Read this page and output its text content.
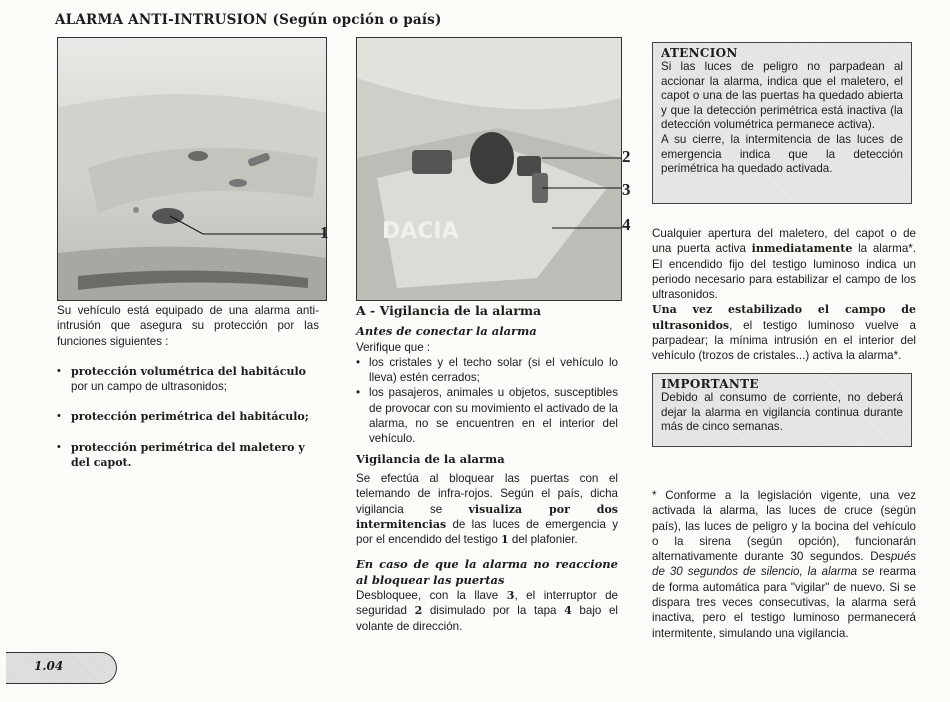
ALARMA ANTI-INTRUSION (Según opción o país)
1 DACIA
2
3
4
Su vehículo está equipado de una alarma anti-intrusión que asegura su protección por las funciones siguientes :
• protección volumétrica del habitáculo por un campo de ultrasonidos;
• protección perimétrica del habitáculo;
• protección perimétrica del maletero y del capot.
A - Vigilancia de la alarma
Antes de conectar la alarma

Verifique que :

• los cristales y el techo solar (si el vehículo lo lleva) estén cerrados;
• los pasajeros, animales u objetos, susceptibles de provocar con su movimiento el activado de la alarma, no se encuentren en el interior del vehículo.
Vigilancia de la alarma

Se efectúa al bloquear las puertas con el telemando de infra-rojos. Según el país, dicha vigilancia se visualiza por dos intermitencias de las luces de emergencia y por el encendido del testigo 1 del plafonier.

En caso de que la alarma no reaccione al bloquear las puertas

Desbloquee, con la llave 3, el interruptor de seguridad 2 disimulado por la tapa 4 bajo el volante de dirección.

ATENCION
Si las luces de peligro no parpadean al accionar la alarma, indica que el maletero, el capot o una de las puertas ha quedado abierta y que la detección perimétrica está inactiva (la detección volumétrica permanece activa).
A su cierre, la intermitencia de las luces de emergencia indica que la detección perimétrica ha quedado activada.

Cualquier apertura del maletero, del capot o de una puerta activa inmediatamente la alarma*. El encendido fijo del testigo luminoso indica un periodo necesario para estabilizar el campo de los ultrasonidos.

Una vez estabilizado el campo de ultrasonidos, el testigo luminoso vuelve a parpadear; la mínima intrusión en el interior del vehículo (trozos de cristales...) activa la alarma*.

IMPORTANTE
Debido al consumo de corriente, no deberá dejar la alarma en vigilancia continua durante más de cinco semanas.

* Conforme a la legislación vigente, una vez activada la alarma, las luces de cruce (según país), las luces de peligro y la bocina del vehículo o la sirena (según opción), funcionarán alternativamente durante 30 segundos. Después de 30 segundos de silencio, la alarma se rearma de forma automática para "vigilar" de nuevo. Si se dispara tres veces consecutivas, la alarma será inactiva, pero el testigo luminoso permanecerá intermitente, simulando una vigilancia.

1.04
